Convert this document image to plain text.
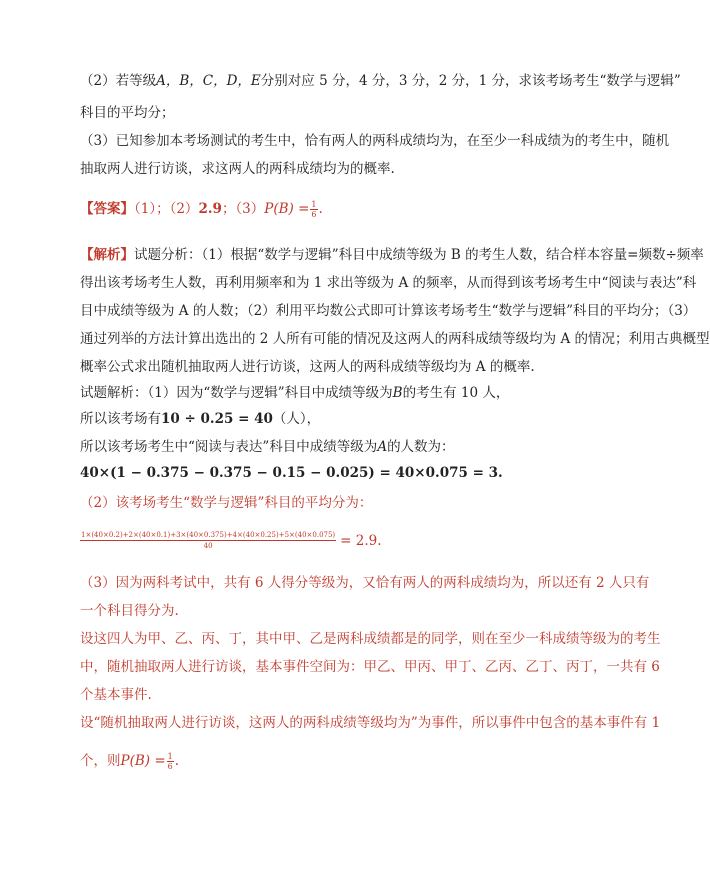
（2）若等级A，B，C，D，E分别对应 5 分，4 分，3 分，2 分，1 分，求该考场考生“数学与逻辑”
科目的平均分；
（3）已知参加本考场测试的考生中，恰有两人的两科成绩均为，在至少一科成绩为的考生中，随机
抽取两人进行访谈，求这两人的两科成绩均为的概率.
【答案】（1）；（2）2.9；$(3)P(B) = \frac{1}{6}$ .
【解析】试题分析：（1）根据“数学与逻辑”科目中成绩等级为 B 的考生人数，结合样本容量=频数÷频率
得出该考场考生人数，再利用频率和为 1 求出等级为 A 的频率，从而得到该考场考生中“阅读与表达”科
目中成绩等级为 A 的人数；（2）利用平均数公式即可计算该考场考生“数学与逻辑”科目的平均分；（3）
通过列举的方法计算出选出的 2 人所有可能的情况及这两人的两科成绩等级均为 A 的情况；利用古典概型
概率公式求出随机抽取两人进行访谈，这两人的两科成绩等级均为 A 的概率.
试题解析：（1）因为“数学与逻辑”科目中成绩等级为B的考生有 10 人，
所以该考场有10 ÷ 0.25 = 40（人），
所以该考场考生中“阅读与表达”科目中成绩等级为A的人数为：
40×(1 − 0.375 − 0.375 − 0.15 − 0.025) = 40×0.075 = 3.
（2）该考场考生“数学与逻辑”科目的平均分为：
$\frac{1\times(40\times 0.2)+2\times(40\times 0.1)+3\times(40\times 0.375)+4\times(40\times 0.25)+5\times(40\times 0.075)}{40} = 2.9$.
（3）因为两科考试中，共有 6 人得分等级为，又恰有两人的两科成绩均为，所以还有 2 人只有
一个科目得分为.
设这四人为甲、乙、丙、丁，其中甲、乙是两科成绩都是的同学，则在至少一科成绩等级为的考生
中，随机抽取两人进行访谈，基本事件空间为：甲乙、甲丙、甲丁、乙丙、乙丁、丙丁，一共有 6
个基本事件.
设“随机抽取两人进行访谈，这两人的两科成绩等级均为”为事件，所以事件中包含的基本事件有 1
个，则$P(B) = \frac{1}{6}$ .
